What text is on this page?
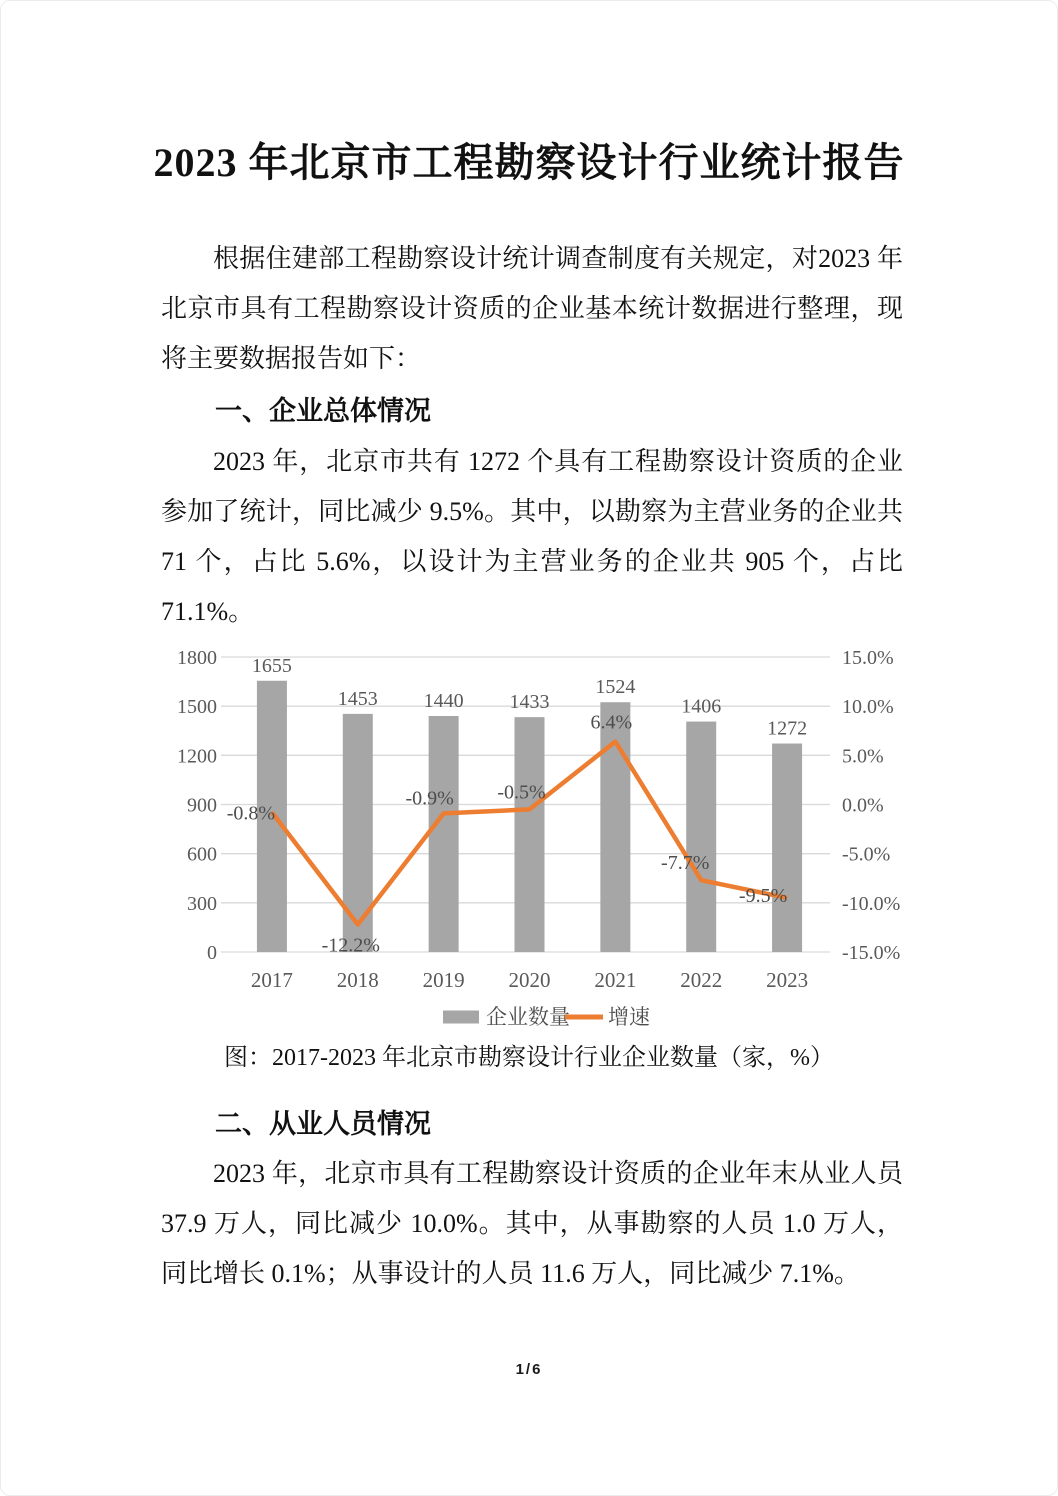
2023 年北京市工程勘察设计行业统计报告

根据住建部工程勘察设计统计调查制度有关规定，对2023 年北京市具有工程勘察设计资质的企业基本统计数据进行整理，现将主要数据报告如下：

一、企业总体情况

2023 年，北京市共有 1272 个具有工程勘察设计资质的企业参加了统计，同比减少 9.5%。其中，以勘察为主营业务的企业共 71 个，占比 5.6%，以设计为主营业务的企业共 905 个，占比 71.1%。

0	-15.0%
300	-10.0%
600	-5.0%
900	0.0%
1200	5.0%
1500	10.0%
1800	15.0%
1655
2017
1453
2018
1440
2019
1433
2020
1524
2021
1406
2022
1272
2023
-0.8%
-12.2%
-0.9% -0.5%
6.4%
-7.7%
-9.5%
企业数量 增速
图：2017-2023 年北京市勘察设计行业企业数量（家，%）
二、从业人员情况

2023 年，北京市具有工程勘察设计资质的企业年末从业人员 37.9 万人，同比减少 10.0%。其中，从事勘察的人员 1.0 万人，同比增长 0.1%；从事设计的人员 11.6 万人，同比减少 7.1%。

1/6
